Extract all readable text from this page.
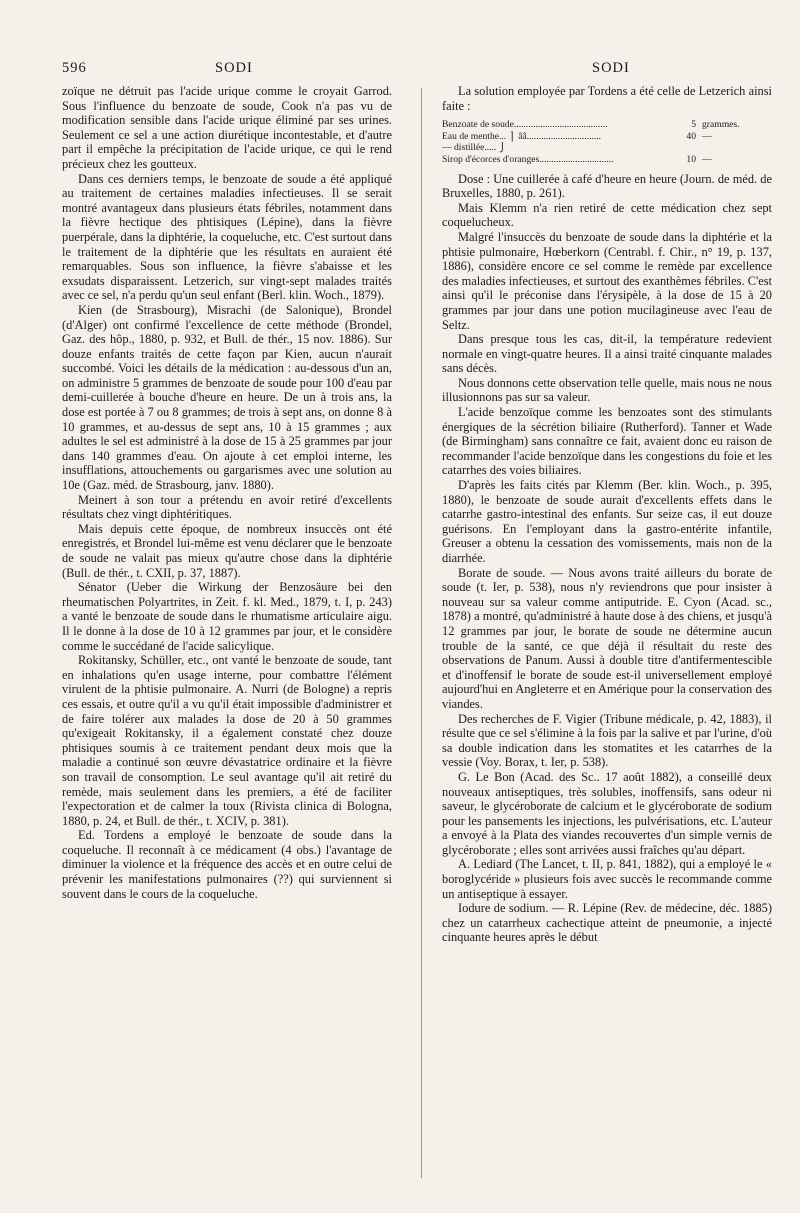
596	SODI	SODI

zoïque ne détruit pas l'acide urique comme le croyait Garrod. Sous l'influence du benzoate de soude, Cook n'a pas vu de modification sensible dans l'acide urique éliminé par ses urines. Seulement ce sel a une action diurétique incontestable, et d'autre part il empêche la précipitation de l'acide urique, ce qui le rend précieux chez les goutteux.

Dans ces derniers temps, le benzoate de soude a été appliqué au traitement de certaines maladies infectieuses. Il se serait montré avantageux dans plusieurs états fébriles, notamment dans la fièvre hectique des phtisiques (Lépine), dans la fièvre puerpérale, dans la diphtérie, la coqueluche, etc. C'est surtout dans le traitement de la diphtérie que les résultats en auraient été remarquables. Sous son influence, la fièvre s'abaisse et les exsudats disparaissent. Letzerich, sur vingt-sept malades traités avec ce sel, n'a perdu qu'un seul enfant (Berl. klin. Woch., 1879).

Kien (de Strasbourg), Misrachi (de Salonique), Brondel (d'Alger) ont confirmé l'excellence de cette méthode (Brondel, Gaz. des hôp., 1880, p. 932, et Bull. de thér., 15 nov. 1886). Sur douze enfants traités de cette façon par Kien, aucun n'aurait succombé. Voici les détails de la médication : au-dessous d'un an, on administre 5 grammes de benzoate de soude pour 100 d'eau par demi-cuillerée à bouche d'heure en heure. De un à trois ans, la dose est portée à 7 ou 8 grammes; de trois à sept ans, on donne 8 à 10 grammes, et au-dessus de sept ans, 10 à 15 grammes ; aux adultes le sel est administré à la dose de 15 à 25 grammes par jour dans 140 grammes d'eau. On ajoute à cet emploi interne, les insufflations, attouchements ou gargarismes avec une solution au 10e (Gaz. méd. de Strasbourg, janv. 1880).

Meinert à son tour a prétendu en avoir retiré d'excellents résultats chez vingt diphtéritiques.

Mais depuis cette époque, de nombreux insuccès ont été enregistrés, et Brondel lui-même est venu déclarer que le benzoate de soude ne valait pas mieux qu'autre chose dans la diphtérie (Bull. de thér., t. CXII, p. 37, 1887).

Sénator (Ueber die Wirkung der Benzosäure bei den rheumatischen Polyartrites, in Zeit. f. kl. Med., 1879, t. I, p. 243) a vanté le benzoate de soude dans le rhumatisme articulaire aigu. Il le donne à la dose de 10 à 12 grammes par jour, et le considère comme le succédané de l'acide salicylique.

Rokitansky, Schüller, etc., ont vanté le benzoate de soude, tant en inhalations qu'en usage interne, pour combattre l'élément virulent de la phtisie pulmonaire. A. Nurri (de Bologne) a repris ces essais, et outre qu'il a vu qu'il était impossible d'administrer et de faire tolérer aux malades la dose de 20 à 50 grammes qu'exigeait Rokitansky, il a également constaté chez douze phtisiques soumis à ce traitement pendant deux mois que la maladie a continué son œuvre dévastatrice ordinaire et la fièvre son travail de consomption. Le seul avantage qu'il ait retiré du remède, mais seulement dans les premiers, a été de faciliter l'expectoration et de calmer la toux (Rivista clinica di Bologna, 1880, p. 24, et Bull. de thér., t. XCIV, p. 381).

Ed. Tordens a employé le benzoate de soude dans la coqueluche. Il reconnaît à ce médicament (4 obs.) l'avantage de diminuer la violence et la fréquence des accès et en outre celui de prévenir les manifestations pulmonaires (??) qui surviennent si souvent dans le cours de la coqueluche.

La solution employée par Tordens a été celle de Letzerich ainsi faite :

Benzoate de soude.......................................	5 grammes.
Eau de menthe... ⎫ ââ...............................	40 —
— distillée..... ⎭
Sirop d'écorces d'oranges...............................	10 —

Dose : Une cuillerée à café d'heure en heure (Journ. de méd. de Bruxelles, 1880, p. 261).

Mais Klemm n'a rien retiré de cette médication chez sept coquelucheux.

Malgré l'insuccès du benzoate de soude dans la diphtérie et la phtisie pulmonaire, Hœberkorn (Centrabl. f. Chir., n° 19, p. 137, 1886), considère encore ce sel comme le remède par excellence des maladies infectieuses, et surtout des exanthèmes fébriles. C'est ainsi qu'il le préconise dans l'érysipèle, à la dose de 15 à 20 grammes par jour dans une potion mucilagineuse avec l'eau de Seltz.

Dans presque tous les cas, dit-il, la température redevient normale en vingt-quatre heures. Il a ainsi traité cinquante malades sans décès.

Nous donnons cette observation telle quelle, mais nous ne nous illusionnons pas sur sa valeur.

L'acide benzoïque comme les benzoates sont des stimulants énergiques de la sécrétion biliaire (Rutherford). Tanner et Wade (de Birmingham) sans connaître ce fait, avaient donc eu raison de recommander l'acide benzoïque dans les congestions du foie et les catarrhes des voies biliaires.

D'après les faits cités par Klemm (Ber. klin. Woch., p. 395, 1880), le benzoate de soude aurait d'excellents effets dans le catarrhe gastro-intestinal des enfants. Sur seize cas, il eut douze guérisons. En l'employant dans la gastro-entérite infantile, Greuser a obtenu la cessation des vomissements, mais non de la diarrhée.

Borate de soude. — Nous avons traité ailleurs du borate de soude (t. Ier, p. 538), nous n'y reviendrons que pour insister à nouveau sur sa valeur comme antiputride. E. Cyon (Acad. sc., 1878) a montré, qu'administré à haute dose à des chiens, et jusqu'à 12 grammes par jour, le borate de soude ne détermine aucun trouble de la santé, ce que déjà il résultait du reste des observations de Panum. Aussi à double titre d'antifermentescible et d'inoffensif le borate de soude est-il universellement employé aujourd'hui en Angleterre et en Amérique pour la conservation des viandes.

Des recherches de F. Vigier (Tribune médicale, p. 42, 1883), il résulte que ce sel s'élimine à la fois par la salive et par l'urine, d'où sa double indication dans les stomatites et les catarrhes de la vessie (Voy. Borax, t. Ier, p. 538).

G. Le Bon (Acad. des Sc.. 17 août 1882), a conseillé deux nouveaux antiseptiques, très solubles, inoffensifs, sans odeur ni saveur, le glycéroborate de calcium et le glycéroborate de sodium pour les pansements les injections, les pulvérisations, etc. L'auteur a envoyé à la Plata des viandes recouvertes d'un simple vernis de glycéroborate ; elles sont arrivées aussi fraîches qu'au départ.

A. Lediard (The Lancet, t. II, p. 841, 1882), qui a employé le « boroglycéride » plusieurs fois avec succès le recommande comme un antiseptique à essayer.

Iodure de sodium. — R. Lépine (Rev. de médecine, déc. 1885) chez un catarrheux cachectique atteint de pneumonie, a injecté cinquante heures après le début
